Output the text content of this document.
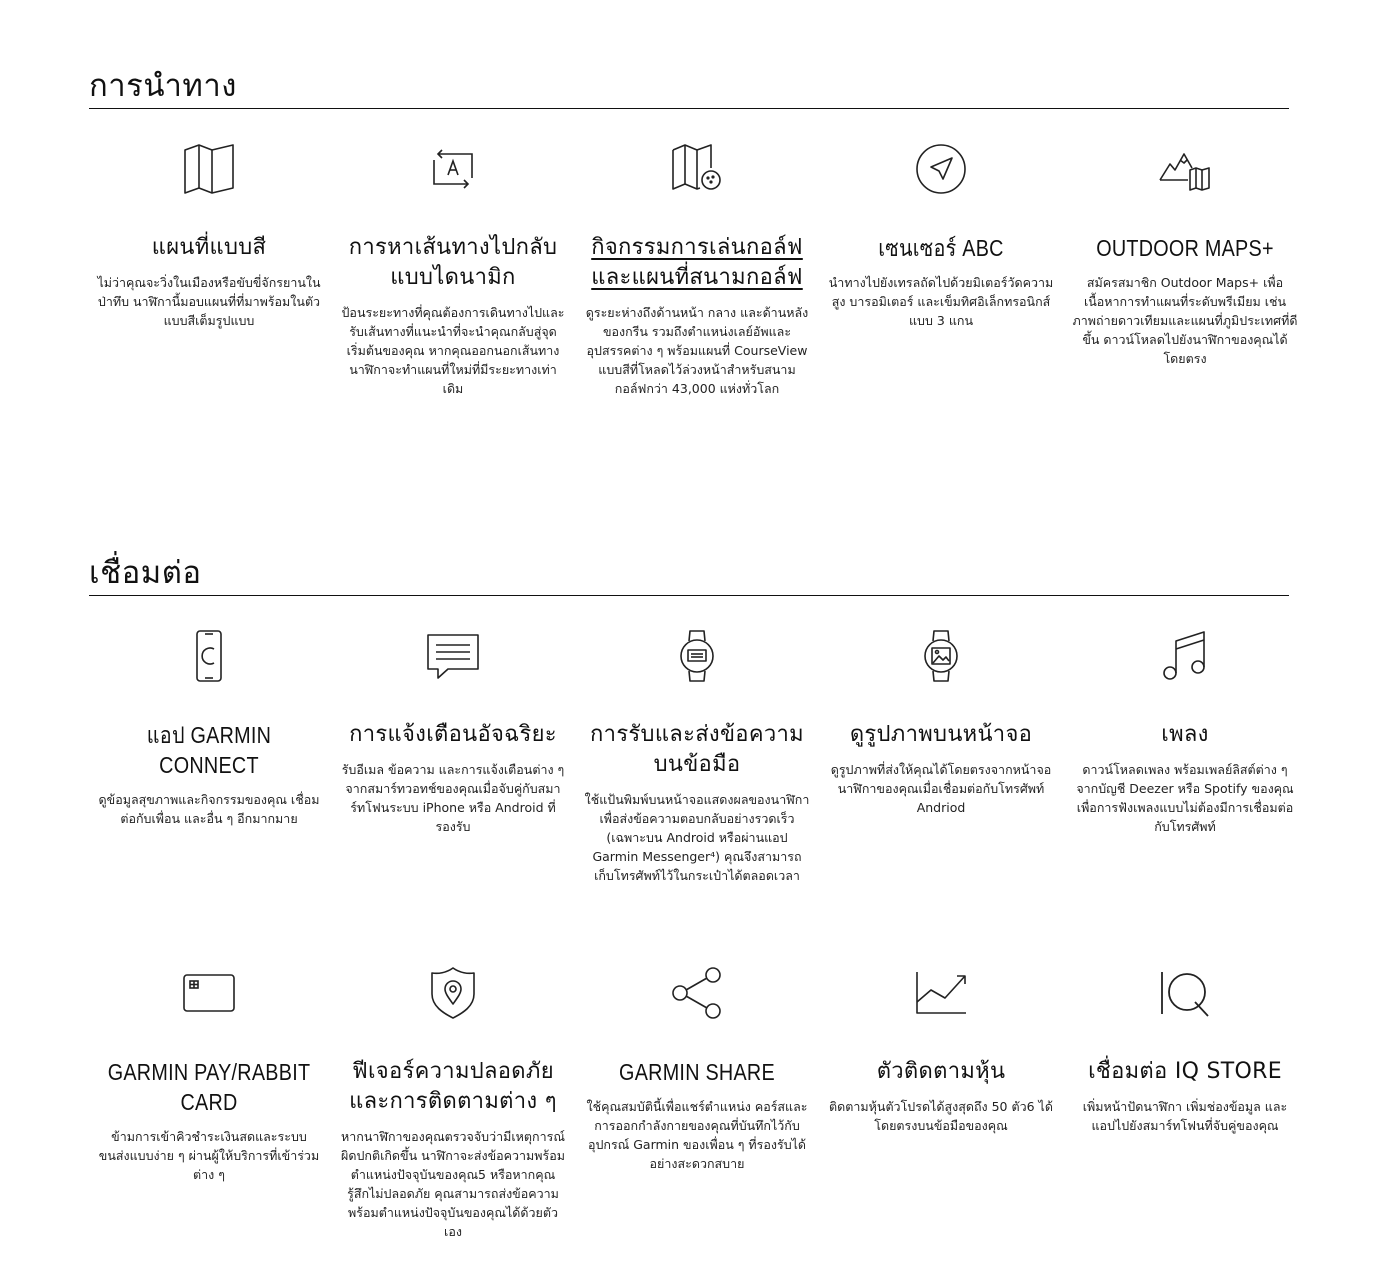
การนำทาง
แผนที่แบบสี

ไม่ว่าคุณจะวิ่งในเมืองหรือขับขี่จักรยานในป่าทึบ นาฬิกานี้มอบแผนที่ที่มาพร้อมในตัวแบบสีเต็มรูปแบบ

การหาเส้นทางไปกลับแบบไดนามิก

ป้อนระยะทางที่คุณต้องการเดินทางไปและรับเส้นทางที่แนะนำที่จะนำคุณกลับสู่จุดเริ่มต้นของคุณ หากคุณออกนอกเส้นทาง นาฬิกาจะทำแผนที่ใหม่ที่มีระยะทางเท่าเดิม

กิจกรรมการเล่นกอล์ฟและแผนที่สนามกอล์ฟ

ดูระยะห่างถึงด้านหน้า กลาง และด้านหลังของกรีน รวมถึงตำแหน่งเลย์อัพและอุปสรรคต่าง ๆ พร้อมแผนที่ CourseView แบบสีที่โหลดไว้ล่วงหน้าสำหรับสนามกอล์ฟกว่า 43,000 แห่งทั่วโลก

เซนเซอร์ ABC

นำทางไปยังเทรลถัดไปด้วยมิเตอร์วัดความสูง บารอมิเตอร์ และเข็มทิศอิเล็กทรอนิกส์แบบ 3 แกน

OUTDOOR MAPS+

สมัครสมาชิก Outdoor Maps+ เพื่อเนื้อหาการทำแผนที่ระดับพรีเมียม เช่น ภาพถ่ายดาวเทียมและแผนที่ภูมิประเทศที่ดีขึ้น ดาวน์โหลดไปยังนาฬิกาของคุณได้โดยตรง

เชื่อมต่อ
แอป GARMIN CONNECT

ดูข้อมูลสุขภาพและกิจกรรมของคุณ เชื่อมต่อกับเพื่อน และอื่น ๆ อีกมากมาย

การแจ้งเตือนอัจฉริยะ

รับอีเมล ข้อความ และการแจ้งเตือนต่าง ๆ จากสมาร์ทวอทช์ของคุณเมื่อจับคู่กับสมาร์ทโฟนระบบ iPhone หรือ Android ที่รองรับ

การรับและส่งข้อความบนข้อมือ

ใช้แป้นพิมพ์บนหน้าจอแสดงผลของนาฬิกาเพื่อส่งข้อความตอบกลับอย่างรวดเร็ว (เฉพาะบน Android หรือผ่านแอป Garmin Messenger⁴) คุณจึงสามารถเก็บโทรศัพท์ไว้ในกระเป๋าได้ตลอดเวลา

ดูรูปภาพบนหน้าจอ

ดูรูปภาพที่ส่งให้คุณได้โดยตรงจากหน้าจอนาฬิกาของคุณเมื่อเชื่อมต่อกับโทรศัพท์ Andriod

เพลง

ดาวน์โหลดเพลง พร้อมเพลย์ลิสต์ต่าง ๆ จากบัญชี Deezer หรือ Spotify ของคุณ เพื่อการฟังเพลงแบบไม่ต้องมีการเชื่อมต่อกับโทรศัพท์

GARMIN PAY/RABBIT CARD

ข้ามการเข้าคิวชำระเงินสดและระบบขนส่งแบบง่าย ๆ ผ่านผู้ให้บริการที่เข้าร่วมต่าง ๆ

ฟีเจอร์ความปลอดภัยและการติดตามต่าง ๆ

หากนาฬิกาของคุณตรวจจับว่ามีเหตุการณ์ผิดปกติเกิดขึ้น นาฬิกาจะส่งข้อความพร้อมตำแหน่งปัจจุบันของคุณ5 หรือหากคุณรู้สึกไม่ปลอดภัย คุณสามารถส่งข้อความพร้อมตำแหน่งปัจจุบันของคุณได้ด้วยตัวเอง

GARMIN SHARE

ใช้คุณสมบัตินี้เพื่อแชร์ตำแหน่ง คอร์สและการออกกำลังกายของคุณที่บันทึกไว้กับอุปกรณ์ Garmin ของเพื่อน ๆ ที่รองรับได้อย่างสะดวกสบาย

ตัวติดตามหุ้น

ติดตามหุ้นตัวโปรดได้สูงสุดถึง 50 ตัว6 ได้โดยตรงบนข้อมือของคุณ

เชื่อมต่อ IQ STORE

เพิ่มหน้าปัดนาฬิกา เพิ่มช่องข้อมูล และแอปไปยังสมาร์ทโฟนที่จับคู่ของคุณ
